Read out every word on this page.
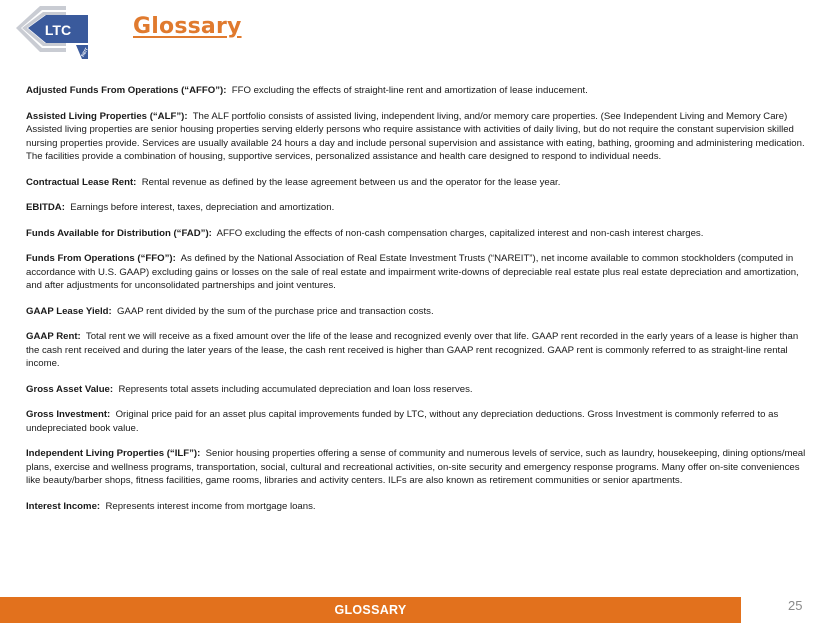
LTC
REIT
Glossary

Adjusted Funds From Operations (“AFFO”): FFO excluding the effects of straight-line rent and amortization of lease inducement.

Assisted Living Properties (“ALF”): The ALF portfolio consists of assisted living, independent living, and/or memory care properties. (See Independent Living and Memory Care) Assisted living properties are senior housing properties serving elderly persons who require assistance with activities of daily living, but do not require the constant supervision skilled nursing properties provide. Services are usually available 24 hours a day and include personal supervision and assistance with eating, bathing, grooming and administering medication. The facilities provide a combination of housing, supportive services, personalized assistance and health care designed to respond to individual needs.

Contractual Lease Rent: Rental revenue as defined by the lease agreement between us and the operator for the lease year.

EBITDA: Earnings before interest, taxes, depreciation and amortization.

Funds Available for Distribution (“FAD”): AFFO excluding the effects of non-cash compensation charges, capitalized interest and non-cash interest charges.

Funds From Operations (“FFO”): As defined by the National Association of Real Estate Investment Trusts (“NAREIT”), net income available to common stockholders (computed in accordance with U.S. GAAP) excluding gains or losses on the sale of real estate and impairment write-downs of depreciable real estate plus real estate depreciation and amortization, and after adjustments for unconsolidated partnerships and joint ventures.

GAAP Lease Yield: GAAP rent divided by the sum of the purchase price and transaction costs.

GAAP Rent: Total rent we will receive as a fixed amount over the life of the lease and recognized evenly over that life. GAAP rent recorded in the early years of a lease is higher than the cash rent received and during the later years of the lease, the cash rent received is higher than GAAP rent recognized. GAAP rent is commonly referred to as straight-line rental income.

Gross Asset Value: Represents total assets including accumulated depreciation and loan loss reserves.

Gross Investment: Original price paid for an asset plus capital improvements funded by LTC, without any depreciation deductions. Gross Investment is commonly referred to as undepreciated book value.

Independent Living Properties (“ILF”): Senior housing properties offering a sense of community and numerous levels of service, such as laundry, housekeeping, dining options/meal plans, exercise and wellness programs, transportation, social, cultural and recreational activities, on-site security and emergency response programs. Many offer on-site conveniences like beauty/barber shops, fitness facilities, game rooms, libraries and activity centers. ILFs are also known as retirement communities or senior apartments.

Interest Income: Represents interest income from mortgage loans.

GLOSSARY	25
